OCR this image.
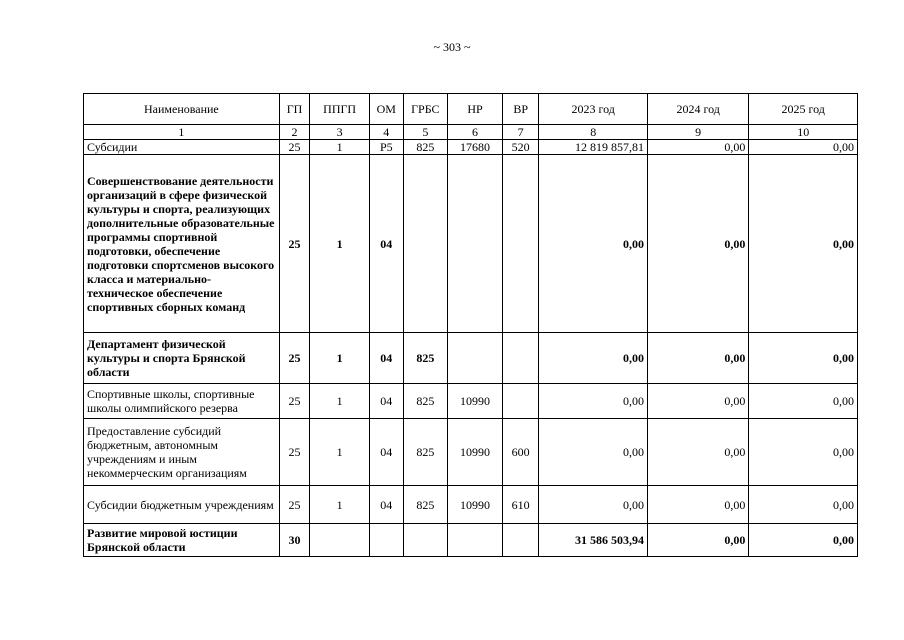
~ 303 ~
Наименование	ГП	ППГП	ОМ	ГРБС	НР	ВР	2023 год	2024 год	2025 год
1	2	3	4	5	6	7	8	9	10
Субсидии	25	1	P5	825	17680	520	12 819 857,81	0,00	0,00
Совершенствование деятельности организаций в сфере физической культуры и спорта, реализующих дополнительные образовательные программы спортивной подготовки, обеспечение подготовки спортсменов высокого класса и материально-техническое обеспечение спортивных сборных команд	25	1	04				0,00	0,00	0,00
Департамент физической культуры и спорта Брянской области	25	1	04	825			0,00	0,00	0,00
Спортивные школы, спортивные школы олимпийского резерва	25	1	04	825	10990		0,00	0,00	0,00
Предоставление субсидий бюджетным, автономным учреждениям и иным некоммерческим организациям	25	1	04	825	10990	600	0,00	0,00	0,00
Субсидии бюджетным учреждениям	25	1	04	825	10990	610	0,00	0,00	0,00
Развитие мировой юстиции Брянской области	30						31 586 503,94	0,00	0,00
